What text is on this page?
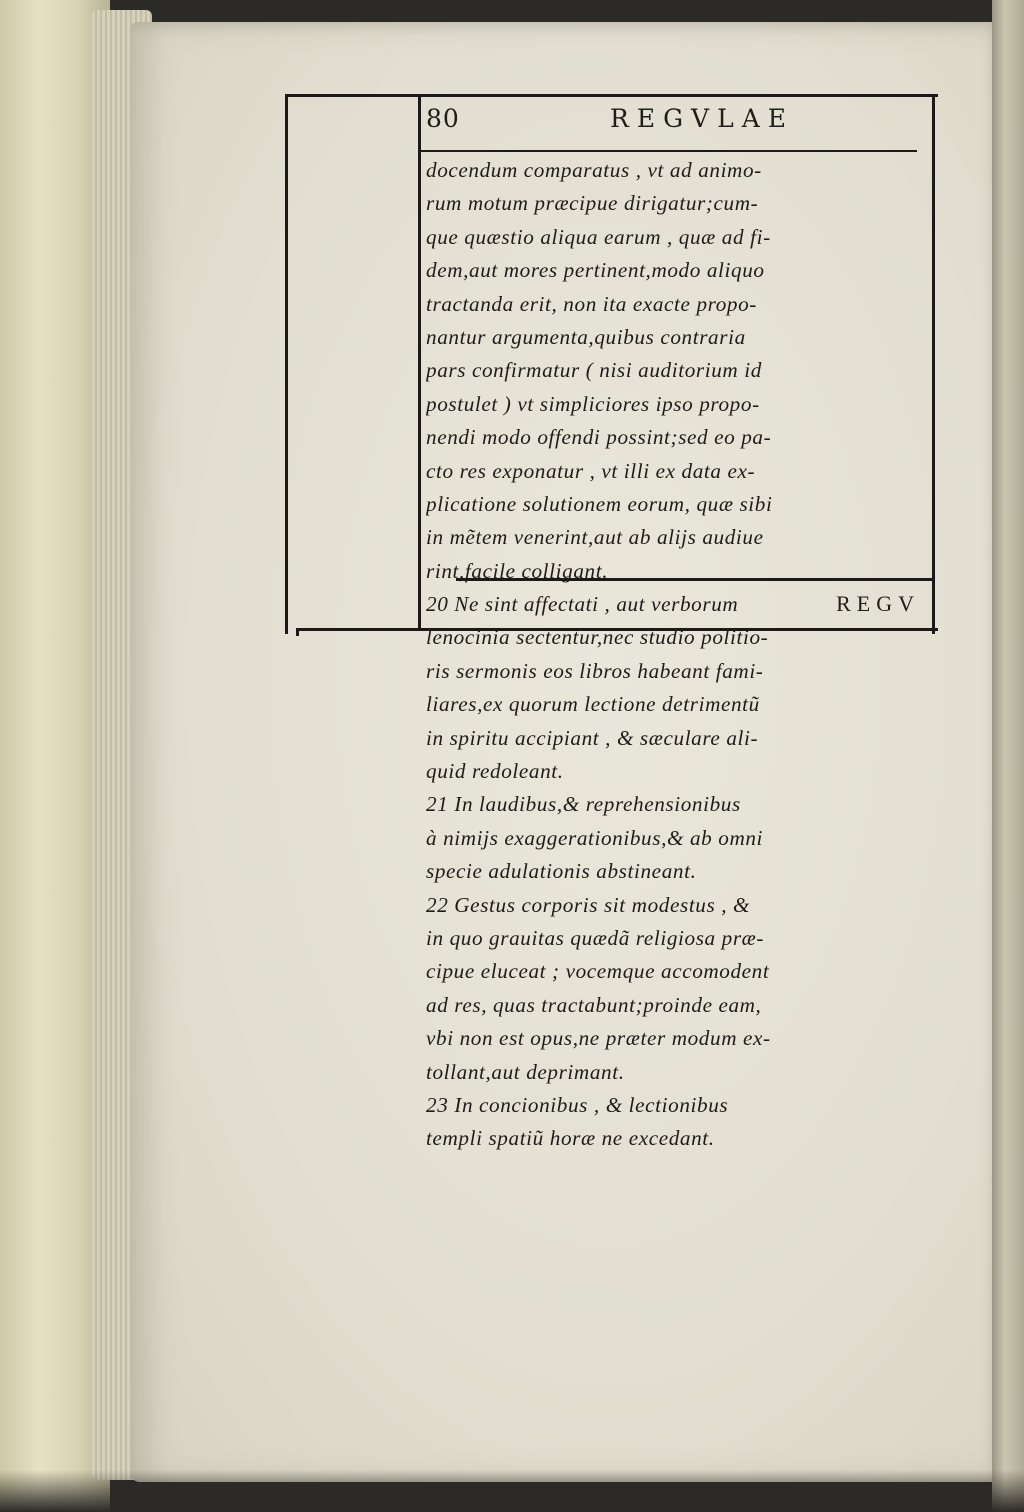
80	REGVLAE
docendum comparatus , vt ad animo-
rum motum præcipue dirigatur;cum-
que quæstio aliqua earum , quæ ad fi-
dem,aut mores pertinent,modo aliquo
tractanda erit, non ita exacte propo-
nantur argumenta,quibus contraria
pars confirmatur ( nisi auditorium id
postulet ) vt simpliciores ipso propo-
nendi modo offendi possint;sed eo pa-
cto res exponatur , vt illi ex data ex-
plicatione solutionem eorum, quæ sibi
in mẽtem venerint,aut ab alijs audiue
rint,facile colligant.
20 Ne sint affectati , aut verborum
lenocinia sectentur,nec studio politio-
ris sermonis eos libros habeant fami-
liares,ex quorum lectione detrimentũ
in spiritu accipiant , & sæculare ali-
quid redoleant.
21 In laudibus,& reprehensionibus
à nimijs exaggerationibus,& ab omni
specie adulationis abstineant.
22 Gestus corporis sit modestus , &
in quo grauitas quædã religiosa præ-
cipue eluceat ; vocemque accomodent
ad res, quas tractabunt;proinde eam,
vbi non est opus,ne præter modum ex-
tollant,aut deprimant.
23 In concionibus , & lectionibus
templi spatiũ horæ ne excedant.
REGV
